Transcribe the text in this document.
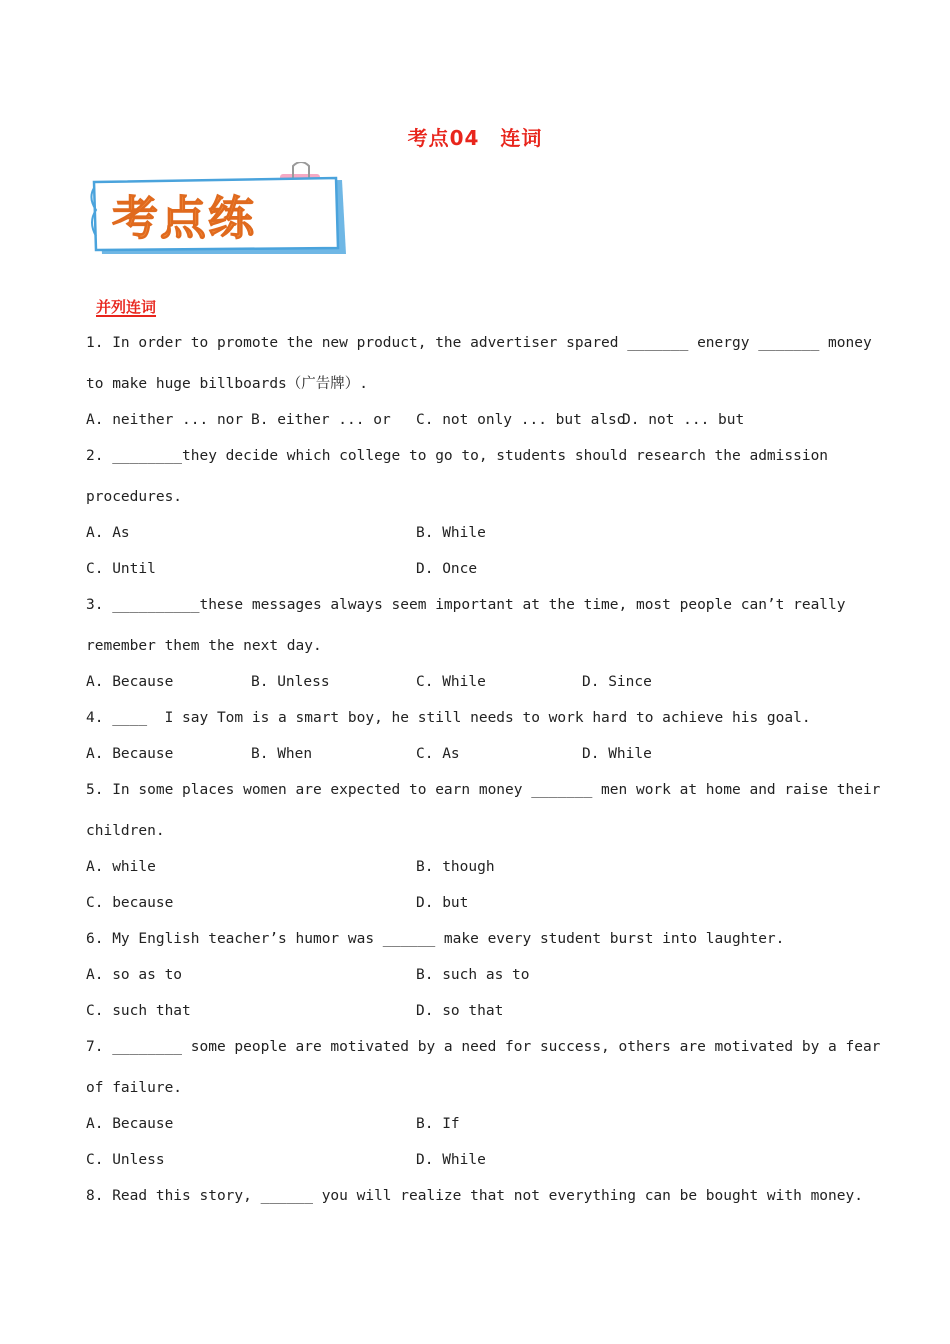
考点04　连词
考点练
并列连词
1. In order to promote the new product, the advertiser spared _______ energy _______ money
to make huge billboards（广告牌）.
A. neither ... nor B. either ... or C. not only ... but also
D. not ... but
2. ________they decide which college to go to, students should research the admission
procedures.
A. As	B. While
C. Until	D. Once
3. __________these messages always seem important at the time, most people can’t really
remember them the next day.
A. Because	B. Unless	C. While	D. Since
4. ____  I say Tom is a smart boy, he still needs to work hard to achieve his goal.
A. Because	B. When	C. As	D. While
5. In some places women are expected to earn money _______ men work at home and raise their
children.
A. while	B. though
C. because	D. but
6. My English teacher’s humor was ______ make every student burst into laughter.
A. so as to	B. such as to
C. such that	D. so that
7. ________ some people are motivated by a need for success, others are motivated by a fear
of failure.
A. Because	B. If
C. Unless	D. While
8. Read this story, ______ you will realize that not everything can be bought with money.
